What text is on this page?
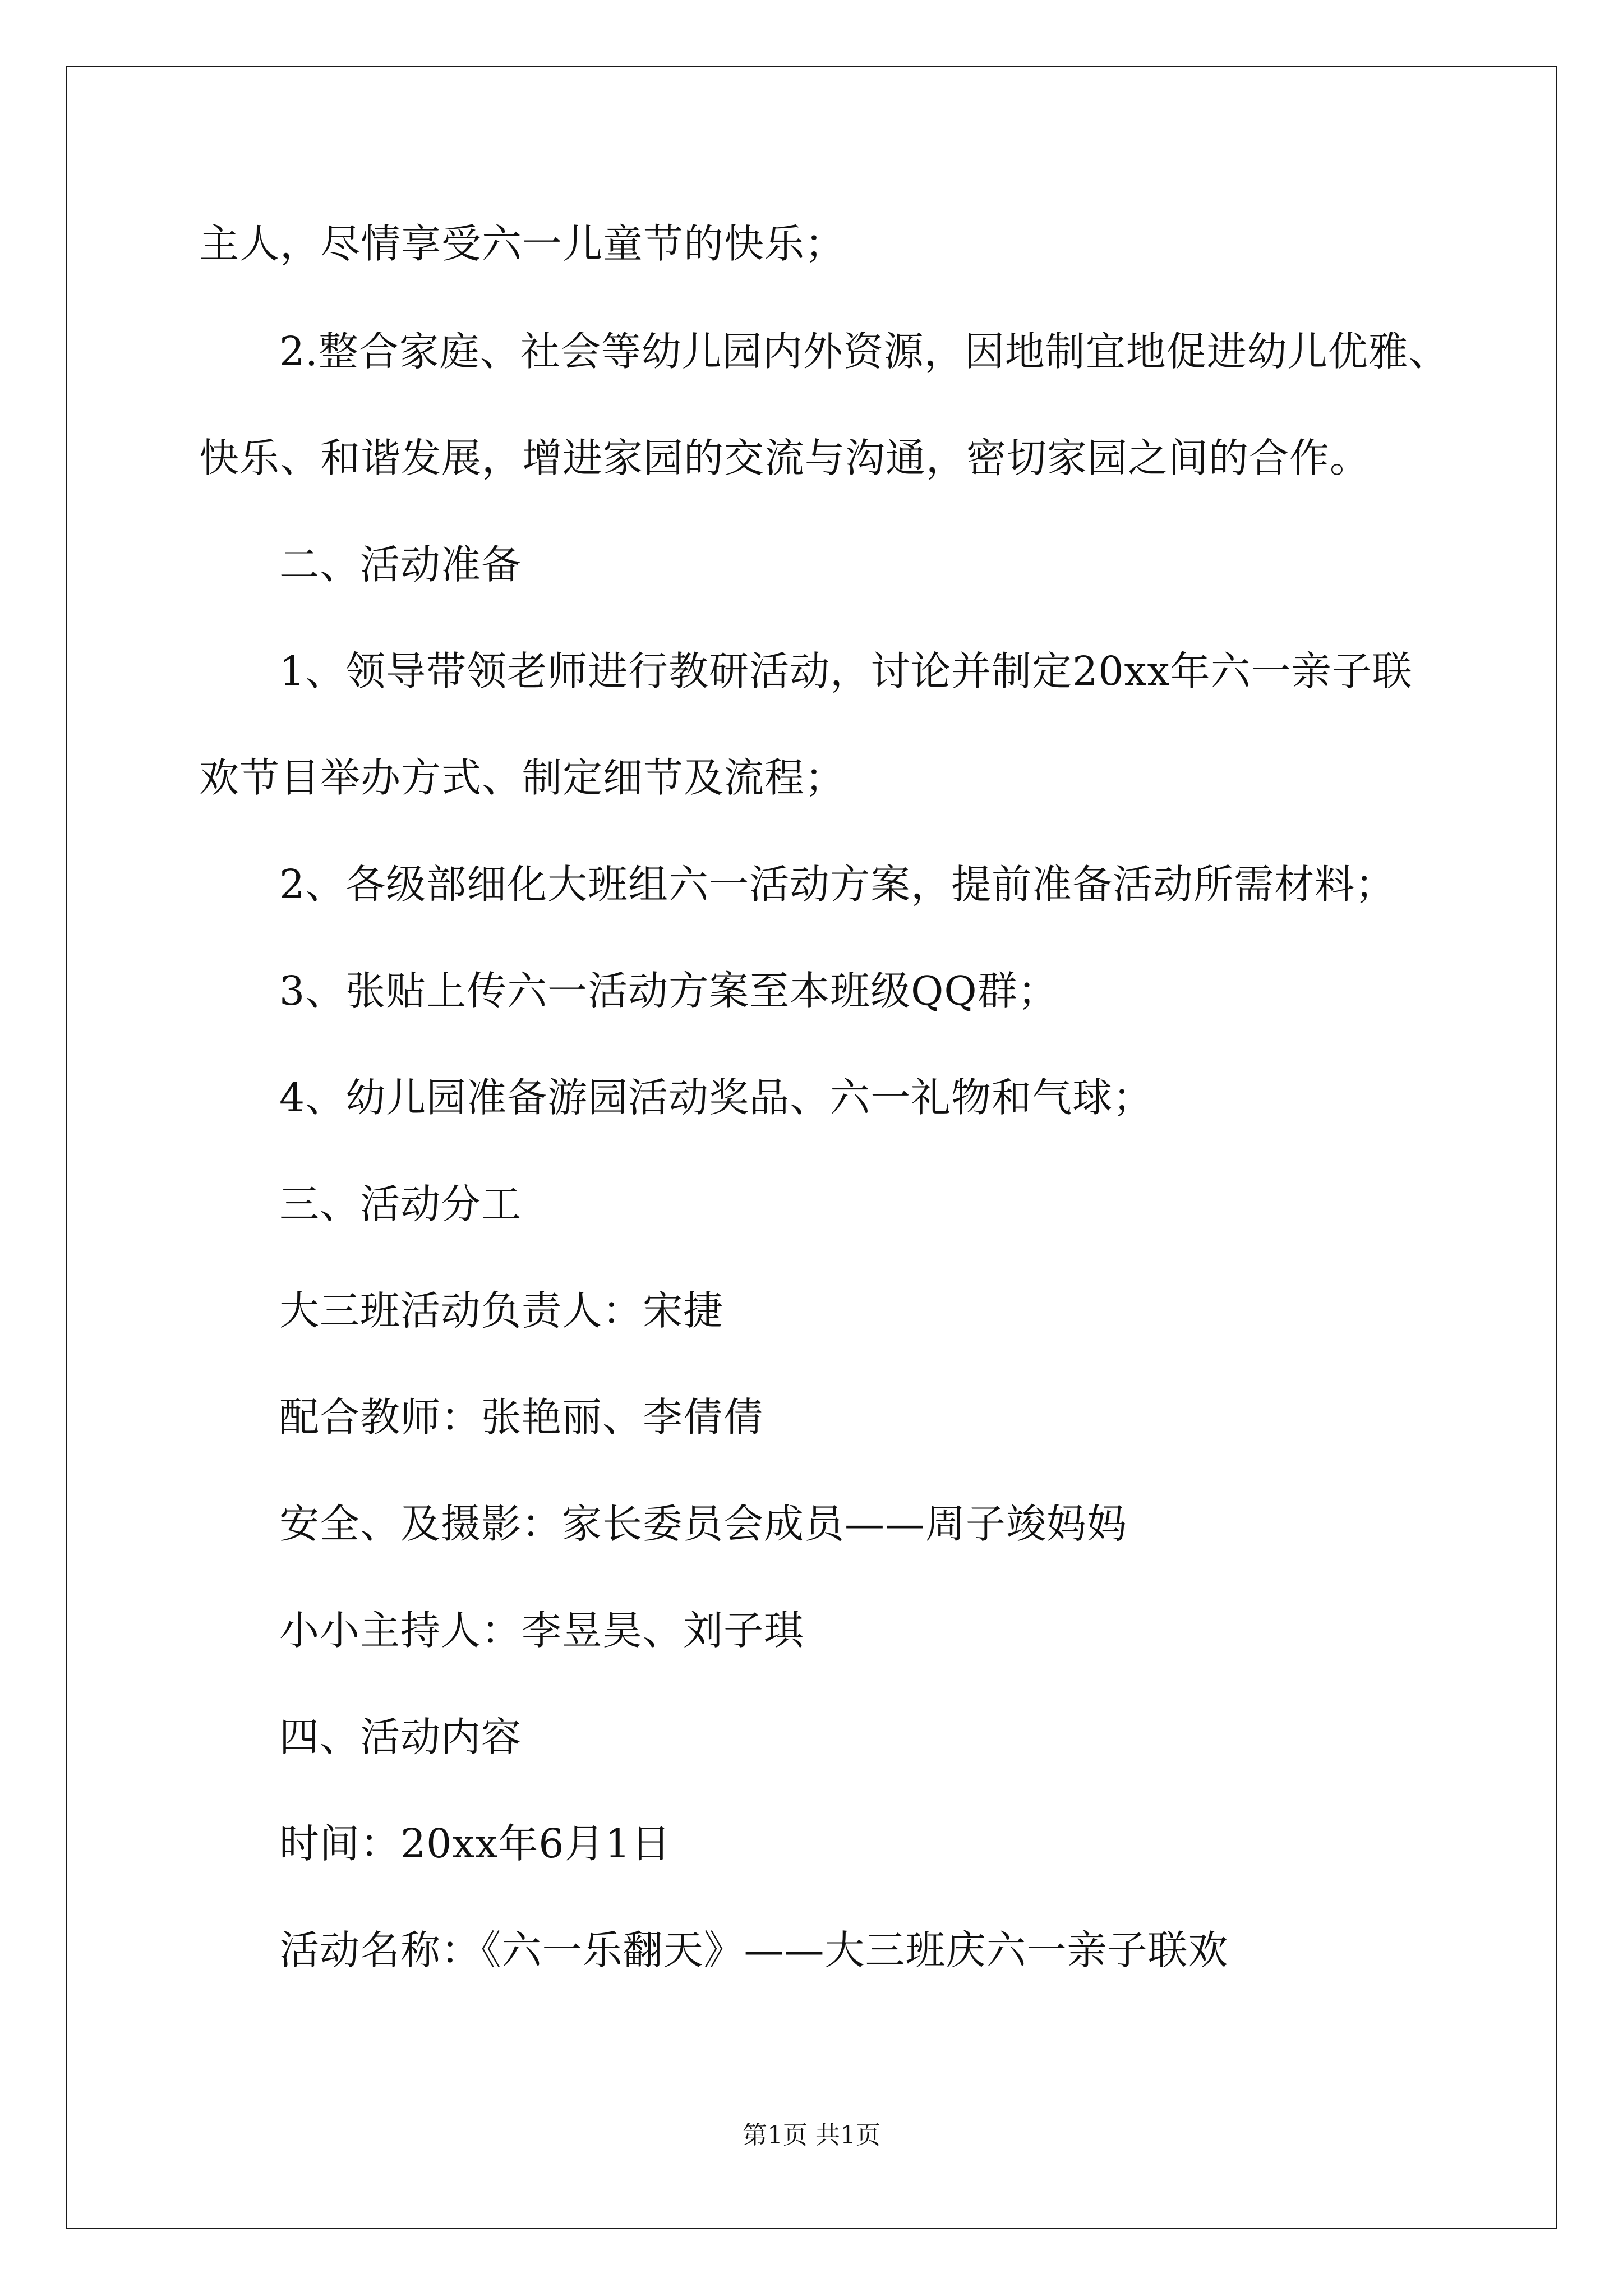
主人，尽情享受六一儿童节的快乐；
2.整合家庭、社会等幼儿园内外资源，因地制宜地促进幼儿优雅、
快乐、和谐发展，增进家园的交流与沟通，密切家园之间的合作。
二、活动准备
1、领导带领老师进行教研活动，讨论并制定20xx年六一亲子联
欢节目举办方式、制定细节及流程；
2、各级部细化大班组六一活动方案，提前准备活动所需材料；
3、张贴上传六一活动方案至本班级QQ群；
4、幼儿园准备游园活动奖品、六一礼物和气球；
三、活动分工
大三班活动负责人：宋捷
配合教师：张艳丽、李倩倩
安全、及摄影：家长委员会成员——周子竣妈妈
小小主持人：李昱昊、刘子琪
四、活动内容
时间：20xx年6月1日
活动名称：《六一乐翻天》——大三班庆六一亲子联欢
第1页 共1页
